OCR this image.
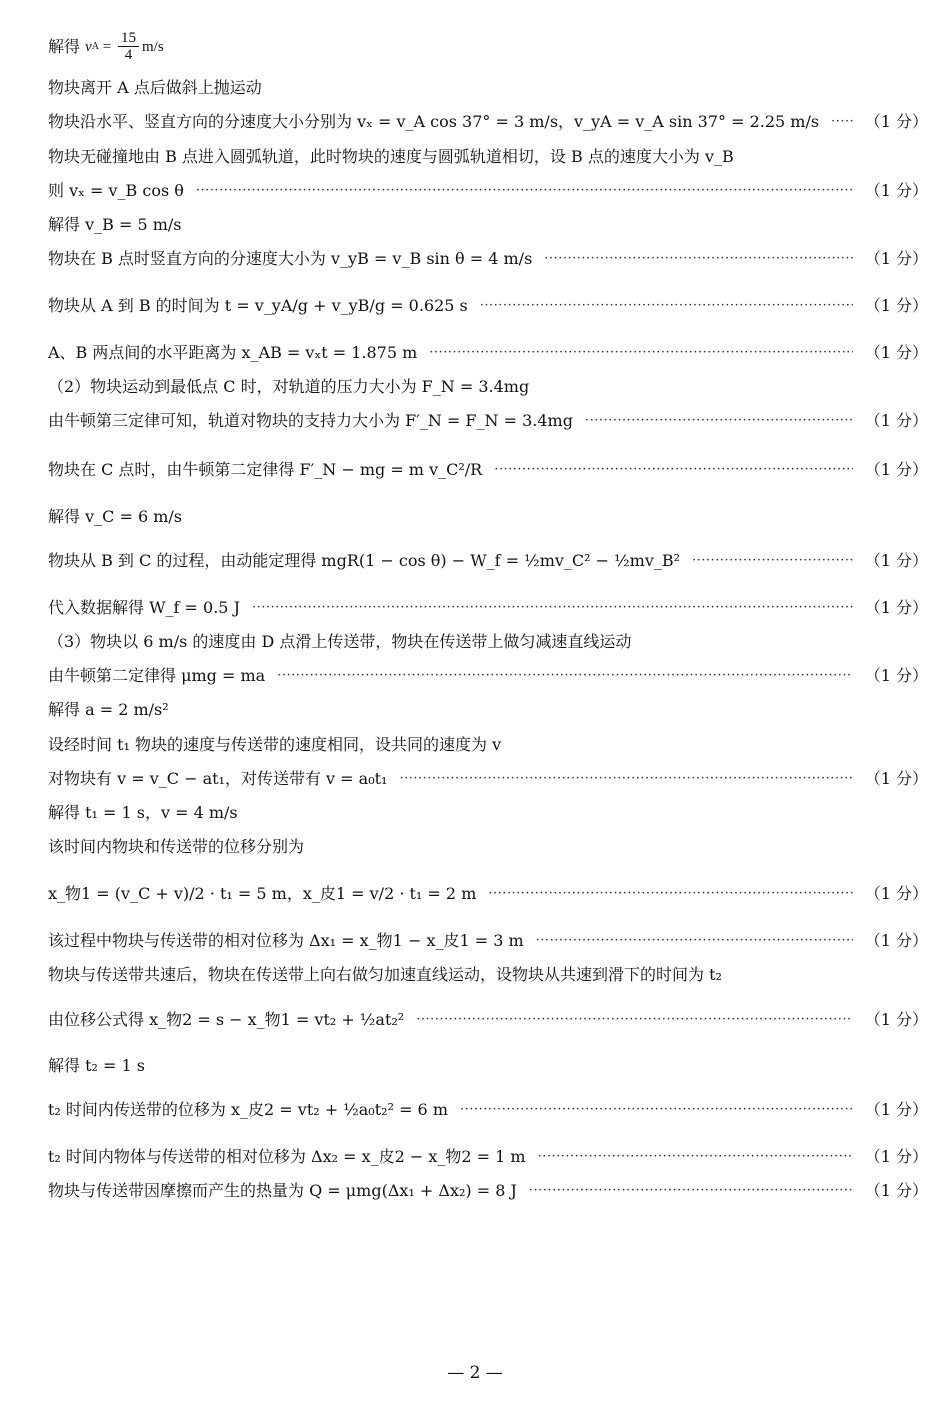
解得
v $A = \frac{15}{4} m/s$
物块离开 A 点后做斜上抛运动
物块沿水平、竖直方向的分速度大小分别为 vₓ = v_A cos 37° = 3 m/s，v_yA = v_A sin 37° = 2.25 m/s ·····	（1 分）
物块无碰撞地由 B 点进入圆弧轨道，此时物块的速度与圆弧轨道相切，设 B 点的速度大小为 v_B
则 vₓ = v_B cos θ ·····	（1 分）
解得 v_B = 5 m/s
物块在 B 点时竖直方向的分速度大小为 v_yB = v_B sin θ = 4 m/s ·····	（1 分）
物块从 A 到 B 的时间为 t = v_yA/g + v_yB/g = 0.625 s ·····	（1 分）
A、B 两点间的水平距离为 x_AB = vₓt = 1.875 m ·····	（1 分）
（2）物块运动到最低点 C 时，对轨道的压力大小为 F_N = 3.4mg
由牛顿第三定律可知，轨道对物块的支持力大小为 F′_N = F_N = 3.4mg ·····	（1 分）
物块在 C 点时，由牛顿第二定律得 F′_N − mg = m v_C²/R ·····	（1 分）
解得 v_C = 6 m/s
物块从 B 到 C 的过程，由动能定理得 mgR(1 − cos θ) − W_f = ½mv_C² − ½mv_B² ·····	（1 分）
代入数据解得 W_f = 0.5 J ·····	（1 分）
（3）物块以 6 m/s 的速度由 D 点滑上传送带，物块在传送带上做匀减速直线运动
由牛顿第二定律得 μmg = ma ·····	（1 分）
解得 a = 2 m/s²
设经时间 t₁ 物块的速度与传送带的速度相同，设共同的速度为 v
对物块有 v = v_C − at₁，对传送带有 v = a₀t₁ ·····	（1 分）
解得 t₁ = 1 s，v = 4 m/s
该时间内物块和传送带的位移分别为
x_物1 = (v_C + v)/2 · t₁ = 5 m，x_皮1 = v/2 · t₁ = 2 m ·····	（1 分）
该过程中物块与传送带的相对位移为 Δx₁ = x_物1 − x_皮1 = 3 m ·····	（1 分）
物块与传送带共速后，物块在传送带上向右做匀加速直线运动，设物块从共速到滑下的时间为 t₂
由位移公式得 x_物2 = s − x_物1 = vt₂ + ½at₂² ·····	（1 分）
解得 t₂ = 1 s
t₂ 时间内传送带的位移为 x_皮2 = vt₂ + ½a₀t₂² = 6 m ·····	（1 分）
t₂ 时间内物体与传送带的相对位移为 Δx₂ = x_皮2 − x_物2 = 1 m ·····	（1 分）
物块与传送带因摩擦而产生的热量为 Q = μmg(Δx₁ + Δx₂) = 8 J ·····	（1 分）
— 2 —
